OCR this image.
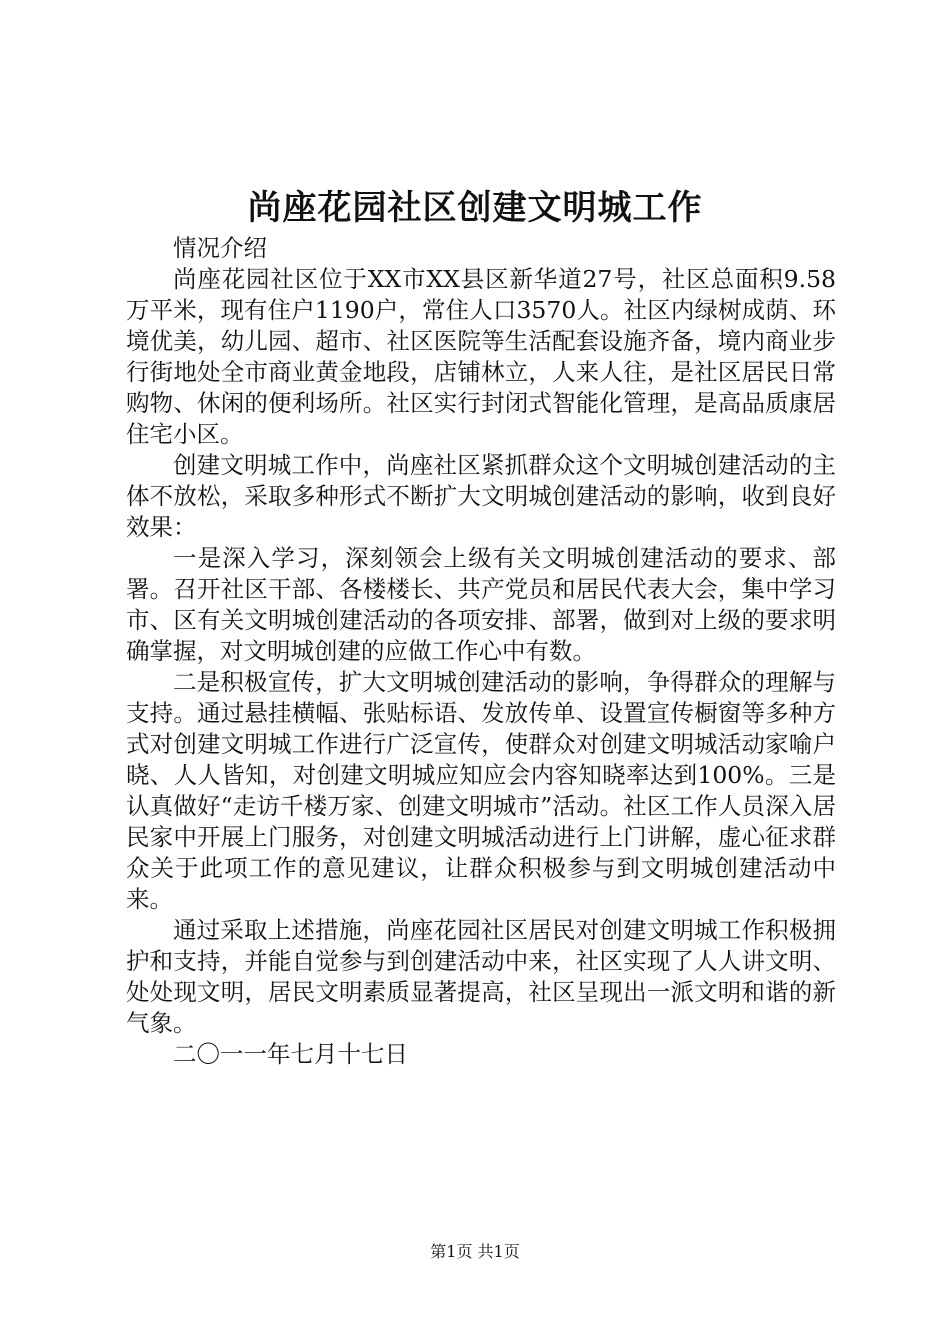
尚座花园社区创建文明城工作

情况介绍

尚座花园社区位于XX市XX县区新华道27号，社区总面积9.58万平米，现有住户1190户，常住人口3570人。社区内绿树成荫、环境优美，幼儿园、超市、社区医院等生活配套设施齐备，境内商业步行街地处全市商业黄金地段，店铺林立，人来人往，是社区居民日常购物、休闲的便利场所。社区实行封闭式智能化管理，是高品质康居住宅小区。

创建文明城工作中，尚座社区紧抓群众这个文明城创建活动的主体不放松，采取多种形式不断扩大文明城创建活动的影响，收到良好效果：

一是深入学习，深刻领会上级有关文明城创建活动的要求、部署。召开社区干部、各楼楼长、共产党员和居民代表大会，集中学习市、区有关文明城创建活动的各项安排、部署，做到对上级的要求明确掌握，对文明城创建的应做工作心中有数。

二是积极宣传，扩大文明城创建活动的影响，争得群众的理解与支持。通过悬挂横幅、张贴标语、发放传单、设置宣传橱窗等多种方式对创建文明城工作进行广泛宣传，使群众对创建文明城活动家喻户晓、人人皆知，对创建文明城应知应会内容知晓率达到100%。三是认真做好“走访千楼万家、创建文明城市”活动。社区工作人员深入居民家中开展上门服务，对创建文明城活动进行上门讲解，虚心征求群众关于此项工作的意见建议，让群众积极参与到文明城创建活动中来。

通过采取上述措施，尚座花园社区居民对创建文明城工作积极拥护和支持，并能自觉参与到创建活动中来，社区实现了人人讲文明、处处现文明，居民文明素质显著提高，社区呈现出一派文明和谐的新气象。

二〇一一年七月十七日

第1页 共1页
